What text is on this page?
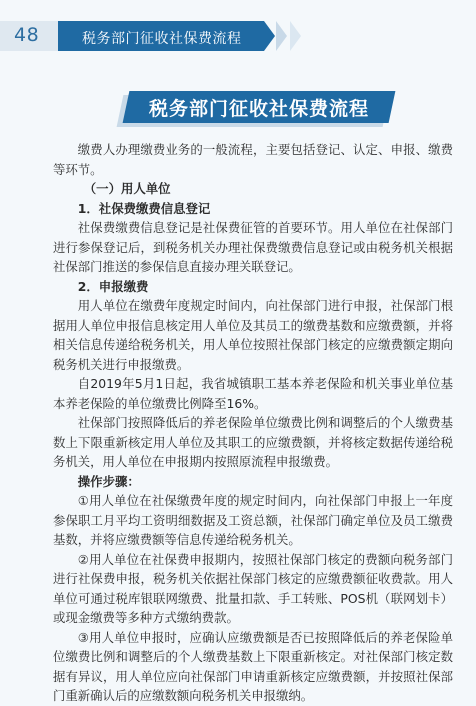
48	税务部门征收社保费流程
税务部门征收社保费流程

缴费人办理缴费业务的一般流程，主要包括登记、认定、申报、缴费等环节。

（一）用人单位

1．社保费缴费信息登记

社保费缴费信息登记是社保费征管的首要环节。用人单位在社保部门进行参保登记后，到税务机关办理社保费缴费信息登记或由税务机关根据社保部门推送的参保信息直接办理关联登记。

2．申报缴费

用人单位在缴费年度规定时间内，向社保部门进行申报，社保部门根据用人单位申报信息核定用人单位及其员工的缴费基数和应缴费额，并将相关信息传递给税务机关，用人单位按照社保部门核定的应缴费额定期向税务机关进行申报缴费。

自2019年5月1日起，我省城镇职工基本养老保险和机关事业单位基本养老保险的单位缴费比例降至16%。

社保部门按照降低后的养老保险单位缴费比例和调整后的个人缴费基数上下限重新核定用人单位及其职工的应缴费额，并将核定数据传递给税务机关，用人单位在申报期内按照原流程申报缴费。

操作步骤：

①用人单位在社保缴费年度的规定时间内，向社保部门申报上一年度参保职工月平均工资明细数据及工资总额，社保部门确定单位及员工缴费基数，并将应缴费额等信息传递给税务机关。

②用人单位在社保费申报期内，按照社保部门核定的费额向税务部门进行社保费申报，税务机关依据社保部门核定的应缴费额征收费款。用人单位可通过税库银联网缴费、批量扣款、手工转账、POS机（联网划卡）或现金缴费等多种方式缴纳费款。

③用人单位申报时，应确认应缴费额是否已按照降低后的养老保险单位缴费比例和调整后的个人缴费基数上下限重新核定。对社保部门核定数据有异议，用人单位应向社保部门申请重新核定应缴费额，并按照社保部门重新确认后的应缴数额向税务机关申报缴纳。
